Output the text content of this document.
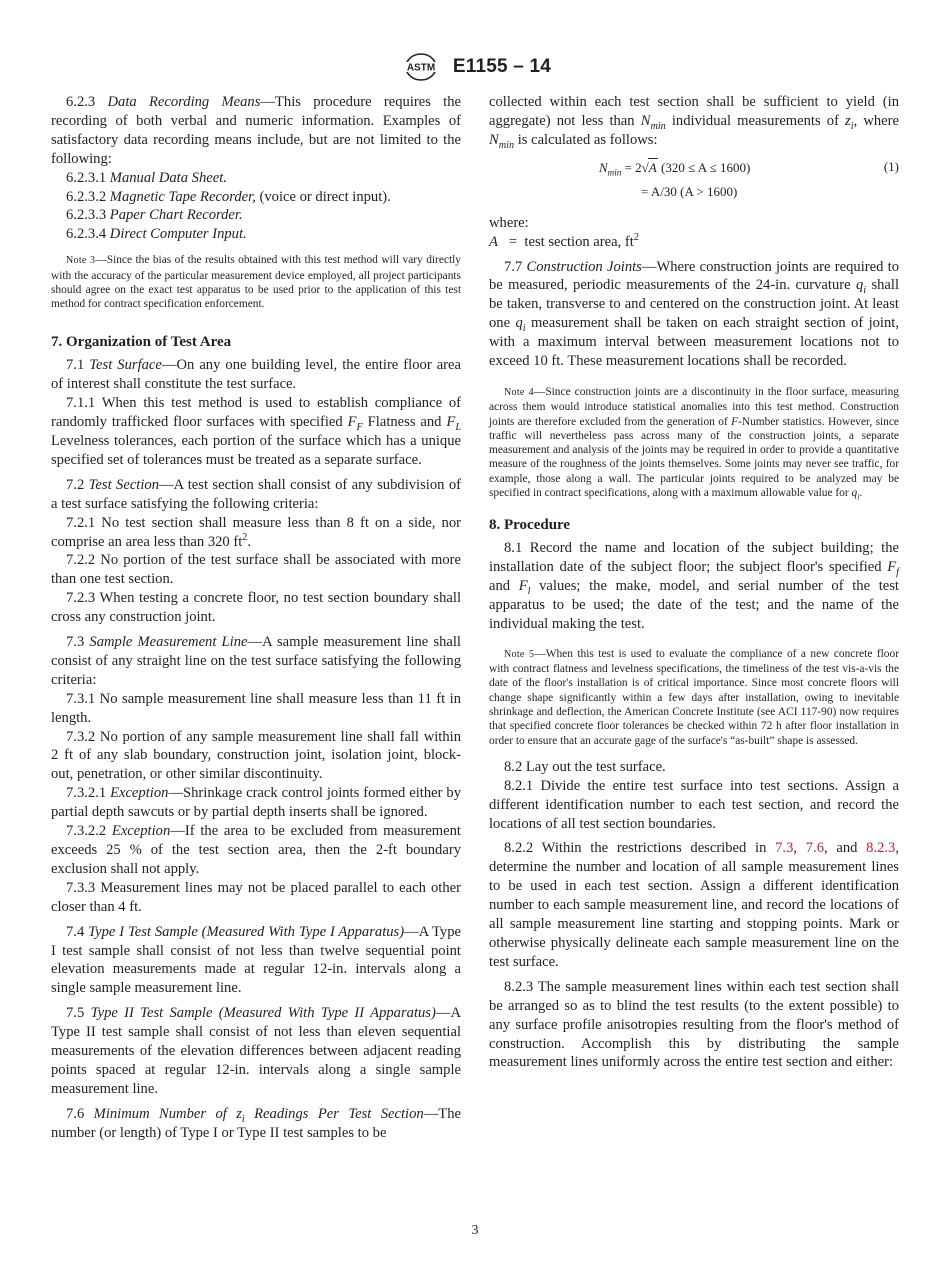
ASTM E1155 – 14

6.2.3 Data Recording Means—This procedure requires the recording of both verbal and numeric information. Examples of satisfactory data recording means include, but are not limited to the following:

6.2.3.1 Manual Data Sheet.

6.2.3.2 Magnetic Tape Recorder, (voice or direct input).

6.2.3.3 Paper Chart Recorder.

6.2.3.4 Direct Computer Input.

Note 3—Since the bias of the results obtained with this test method will vary directly with the accuracy of the particular measurement device employed, all project participants should agree on the exact test apparatus to be used prior to the application of this test method for contract specification enforcement.

7. Organization of Test Area

7.1 Test Surface—On any one building level, the entire floor area of interest shall constitute the test surface.

7.1.1 When this test method is used to establish compliance of randomly trafficked floor surfaces with specified $F_F$ Flatness and $F_L$ Levelness tolerances, each portion of the surface which has a unique specified set of tolerances must be treated as a separate surface.

7.2 Test Section—A test section shall consist of any subdivision of a test surface satisfying the following criteria:

7.2.1 No test section shall measure less than 8 ft on a side, nor comprise an area less than 320 $ft^2$.

7.2.2 No portion of the test surface shall be associated with more than one test section.

7.2.3 When testing a concrete floor, no test section boundary shall cross any construction joint.

7.3 Sample Measurement Line—A sample measurement line shall consist of any straight line on the test surface satisfying the following criteria:

7.3.1 No sample measurement line shall measure less than 11 ft in length.

7.3.2 No portion of any sample measurement line shall fall within 2 ft of any slab boundary, construction joint, isolation joint, block-out, penetration, or other similar discontinuity.

7.3.2.1 Exception—Shrinkage crack control joints formed either by partial depth sawcuts or by partial depth inserts shall be ignored.

7.3.2.2 Exception—If the area to be excluded from measurement exceeds 25 % of the test section area, then the 2-ft boundary exclusion shall not apply.

7.3.3 Measurement lines may not be placed parallel to each other closer than 4 ft.

7.4 Type I Test Sample (Measured With Type I Apparatus)—A Type I test sample shall consist of not less than twelve sequential point elevation measurements made at regular 12-in. intervals along a single sample measurement line.

7.5 Type II Test Sample (Measured With Type II Apparatus)—A Type II test sample shall consist of not less than eleven sequential measurements of the elevation differences between adjacent reading points spaced at regular 12-in. intervals along a single sample measurement line.

7.6 Minimum Number of $z_i$ Readings Per Test Section—The number (or length) of Type I or Type II test samples to be

collected within each test section shall be sufficient to yield (in aggregate) not less than $N_{min}$ individual measurements of $z_i$, where $N_{min}$ is calculated as follows:

$N_{min} = 2√A$ (320 ≤ A ≤ 1600)
= A/30 (A > 1600)
(1)

where:

A = test section area, $ft^2$

7.7 Construction Joints—Where construction joints are required to be measured, periodic measurements of the 24-in. curvature $q_i$ shall be taken, transverse to and centered on the construction joint. At least one $q_i$ measurement shall be taken on each straight section of joint, with a maximum interval between measurement locations not to exceed 10 ft. These measurement locations shall be recorded.

Note 4—Since construction joints are a discontinuity in the floor surface, measuring across them would introduce statistical anomalies into this test method. Construction joints are therefore excluded from the generation of F-Number statistics. However, since traffic will nevertheless pass across many of the construction joints, a separate measurement and analysis of the joints may be required in order to provide a quantitative measure of the roughness of the joints themselves. Some joints may never see traffic, for example, those along a wall. The particular joints required to be analyzed may be specified in contract specifications, along with a maximum allowable value for $q_i$.

8. Procedure

8.1 Record the name and location of the subject building; the installation date of the subject floor; the subject floor's specified $F_f$ and $F_l$ values; the make, model, and serial number of the test apparatus to be used; the date of the test; and the name of the individual making the test.

Note 5—When this test is used to evaluate the compliance of a new concrete floor with contract flatness and levelness specifications, the timeliness of the test vis-a-vis the date of the floor's installation is of critical importance. Since most concrete floors will change shape significantly within a few days after installation, owing to inevitable shrinkage and deflection, the American Concrete Institute (see ACI 117-90) now requires that specified concrete floor tolerances be checked within 72 h after floor installation in order to ensure that an accurate gage of the surface's “as-built” shape is assessed.

8.2 Lay out the test surface.

8.2.1 Divide the entire test surface into test sections. Assign a different identification number to each test section, and record the locations of all test section boundaries.

8.2.2 Within the restrictions described in 7.3, 7.6, and 8.2.3, determine the number and location of all sample measurement lines to be used in each test section. Assign a different identification number to each sample measurement line, and record the locations of all sample measurement line starting and stopping points. Mark or otherwise physically delineate each sample measurement line on the test surface.

8.2.3 The sample measurement lines within each test section shall be arranged so as to blind the test results (to the extent possible) to any surface profile anisotropies resulting from the floor's method of construction. Accomplish this by distributing the sample measurement lines uniformly across the entire test section and either:

3
